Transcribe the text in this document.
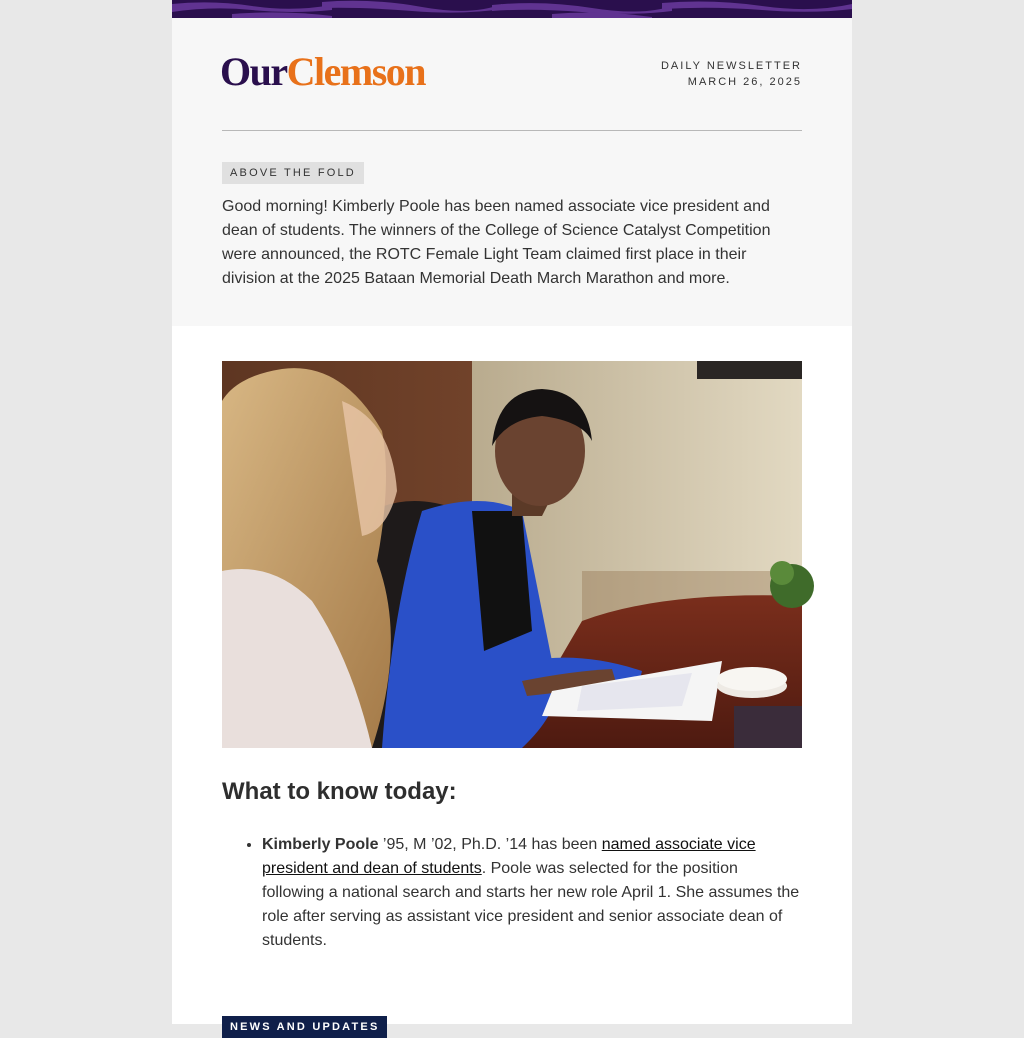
OurClemson	DAILY NEWSLETTER
MARCH 26, 2025
ABOVE THE FOLD

Good morning! Kimberly Poole has been named associate vice president and dean of students. The winners of the College of Science Catalyst Competition were announced, the ROTC Female Light Team claimed first place in their division at the 2025 Bataan Memorial Death March Marathon and more.

What to know today:
• Kimberly Poole ’95, M ’02, Ph.D. ’14 has been named associate vice president and dean of students. Poole was selected for the position following a national search and starts her new role April 1. She assumes the role after serving as assistant vice president and senior associate dean of students.
NEWS AND UPDATES
